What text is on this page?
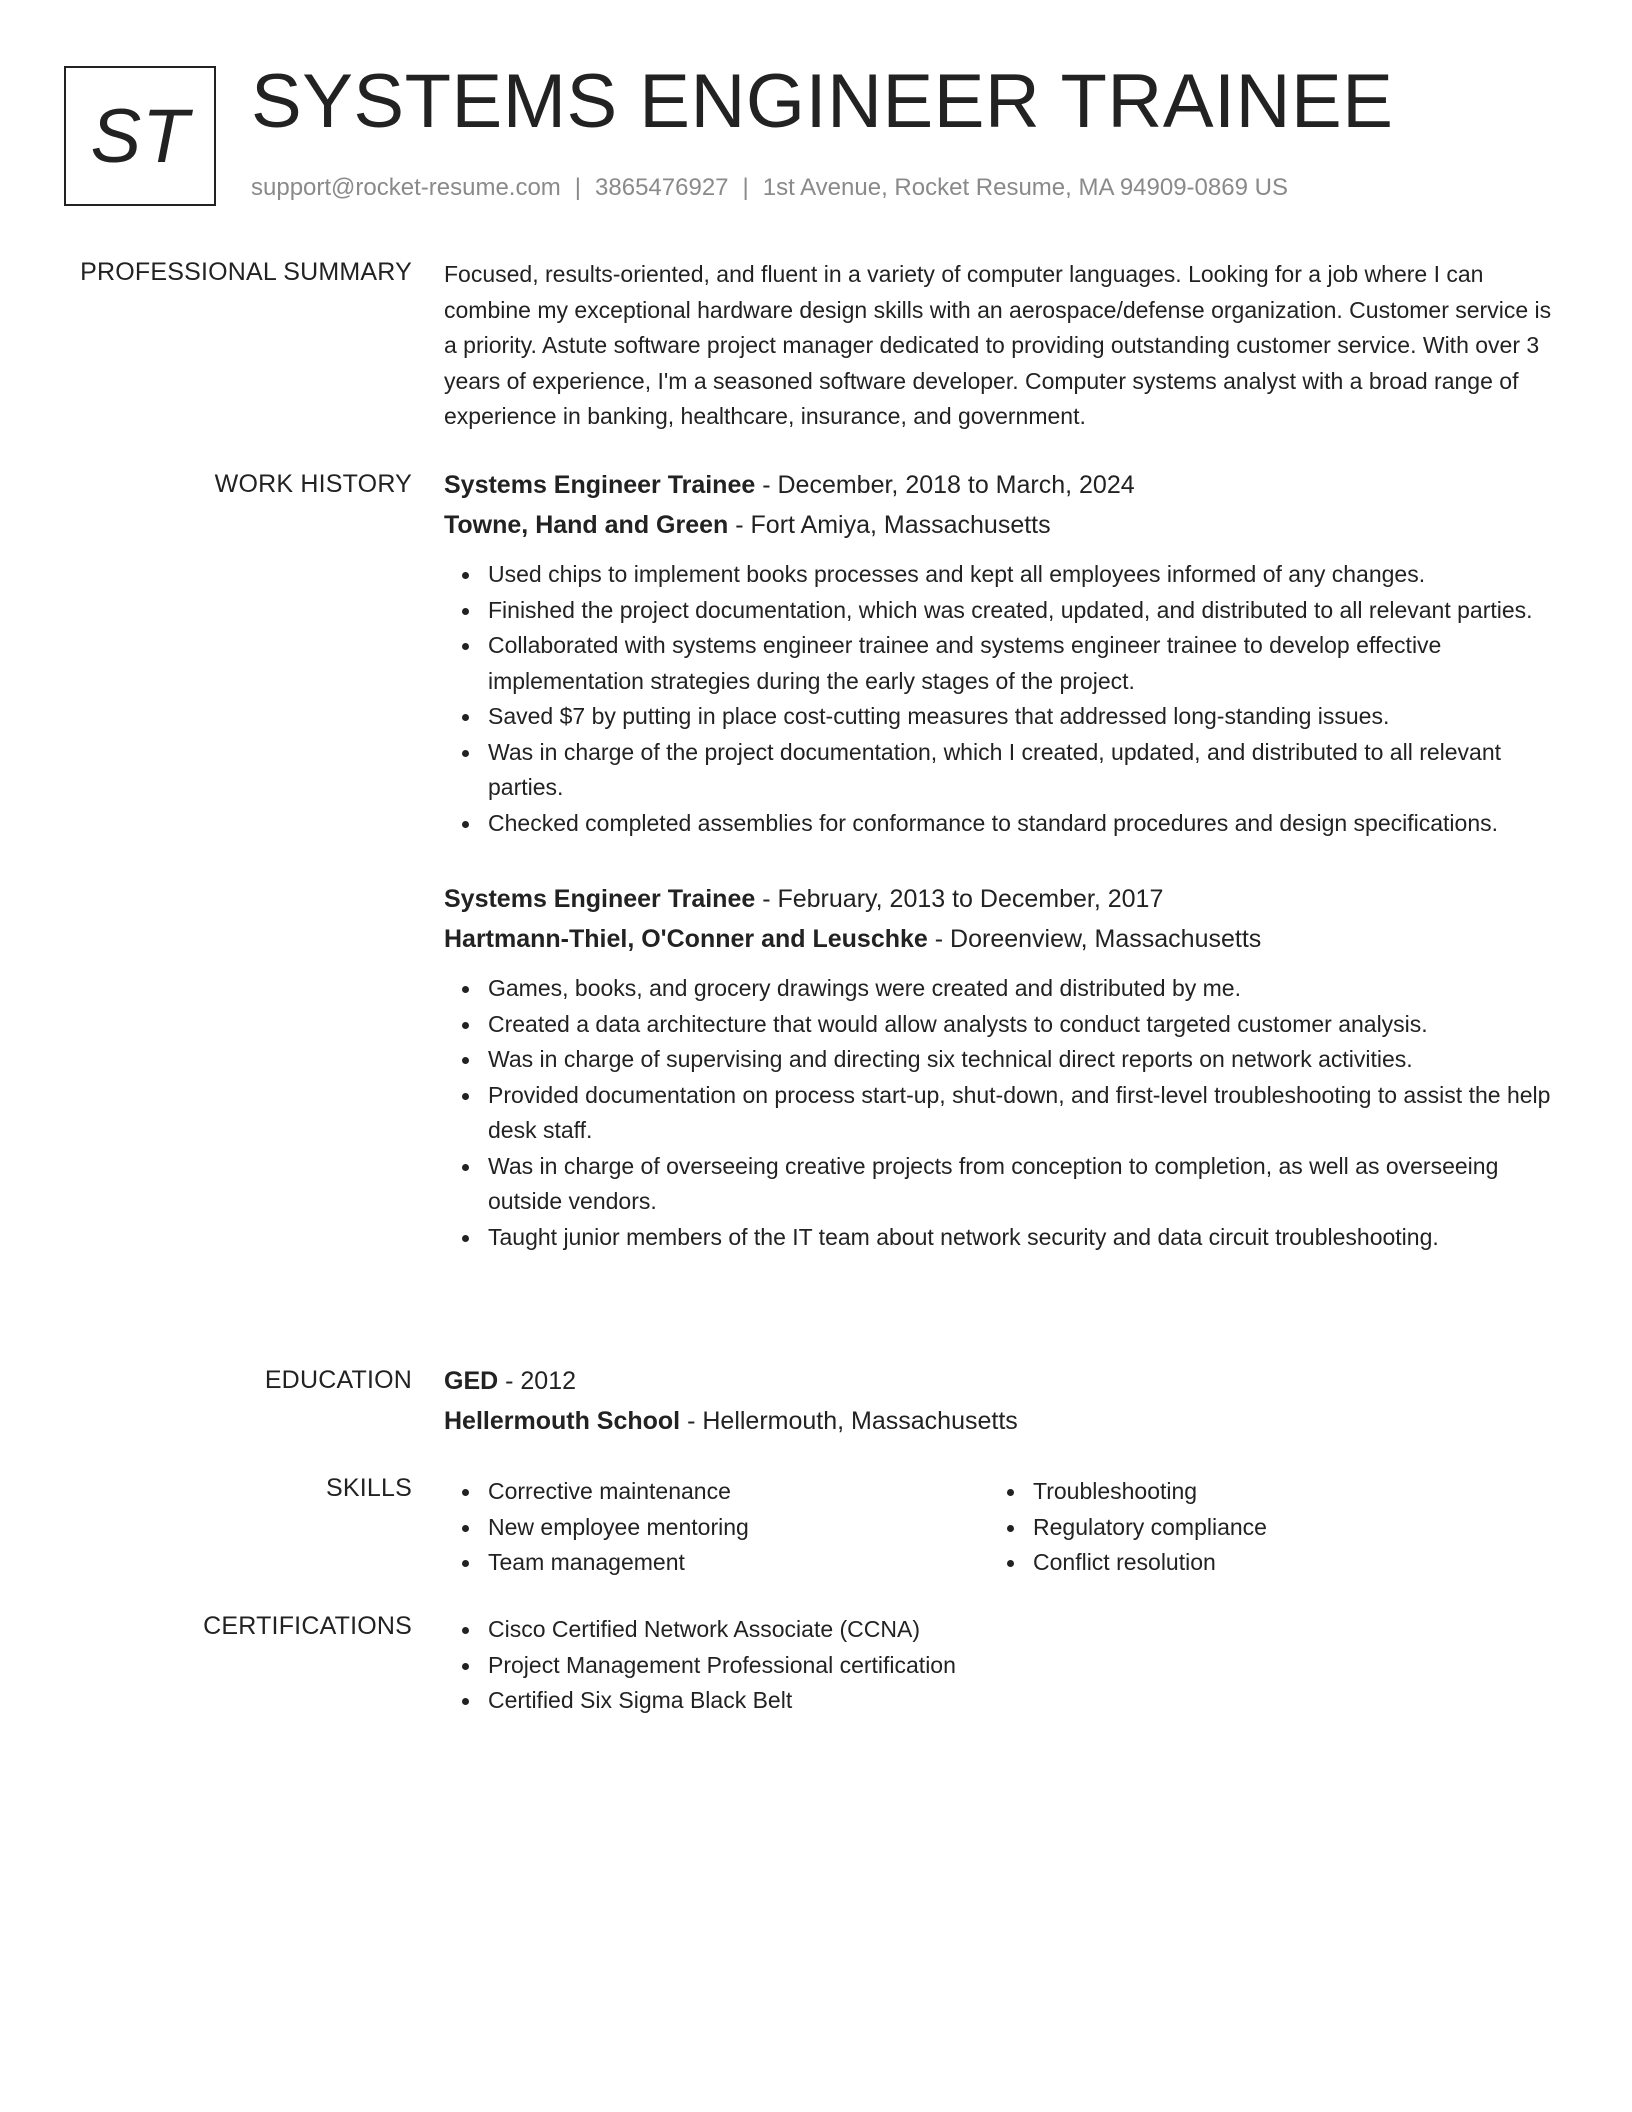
ST SYSTEMS ENGINEER TRAINEE
support@rocket-resume.com | 3865476927 | 1st Avenue, Rocket Resume, MA 94909-0869 US
PROFESSIONAL SUMMARY Focused, results-oriented, and fluent in a variety of computer languages. Looking for a job where I can combine my exceptional hardware design skills with an aerospace/defense organization. Customer service is a priority. Astute software project manager dedicated to providing outstanding customer service. With over 3 years of experience, I'm a seasoned software developer. Computer systems analyst with a broad range of experience in banking, healthcare, insurance, and government.

WORK HISTORY Systems Engineer Trainee - December, 2018 to March, 2024
Towne, Hand and Green - Fort Amiya, Massachusetts
Used chips to implement books processes and kept all employees informed of any changes.
Finished the project documentation, which was created, updated, and distributed to all relevant parties.
Collaborated with systems engineer trainee and systems engineer trainee to develop effective implementation strategies during the early stages of the project.
Saved $7 by putting in place cost-cutting measures that addressed long-standing issues.
Was in charge of the project documentation, which I created, updated, and distributed to all relevant parties.
Checked completed assemblies for conformance to standard procedures and design specifications.
Systems Engineer Trainee - February, 2013 to December, 2017
Hartmann-Thiel, O'Conner and Leuschke - Doreenview, Massachusetts
Games, books, and grocery drawings were created and distributed by me.
Created a data architecture that would allow analysts to conduct targeted customer analysis.
Was in charge of supervising and directing six technical direct reports on network activities.
Provided documentation on process start-up, shut-down, and first-level troubleshooting to assist the help desk staff.
Was in charge of overseeing creative projects from conception to completion, as well as overseeing outside vendors.
Taught junior members of the IT team about network security and data circuit troubleshooting.
EDUCATION GED - 2012
Hellermouth School - Hellermouth, Massachusetts
SKILLS	Corrective maintenance
New employee mentoring
Team management
Troubleshooting
Regulatory compliance
Conflict resolution
CERTIFICATIONS	Cisco Certified Network Associate (CCNA)
Project Management Professional certification
Certified Six Sigma Black Belt
